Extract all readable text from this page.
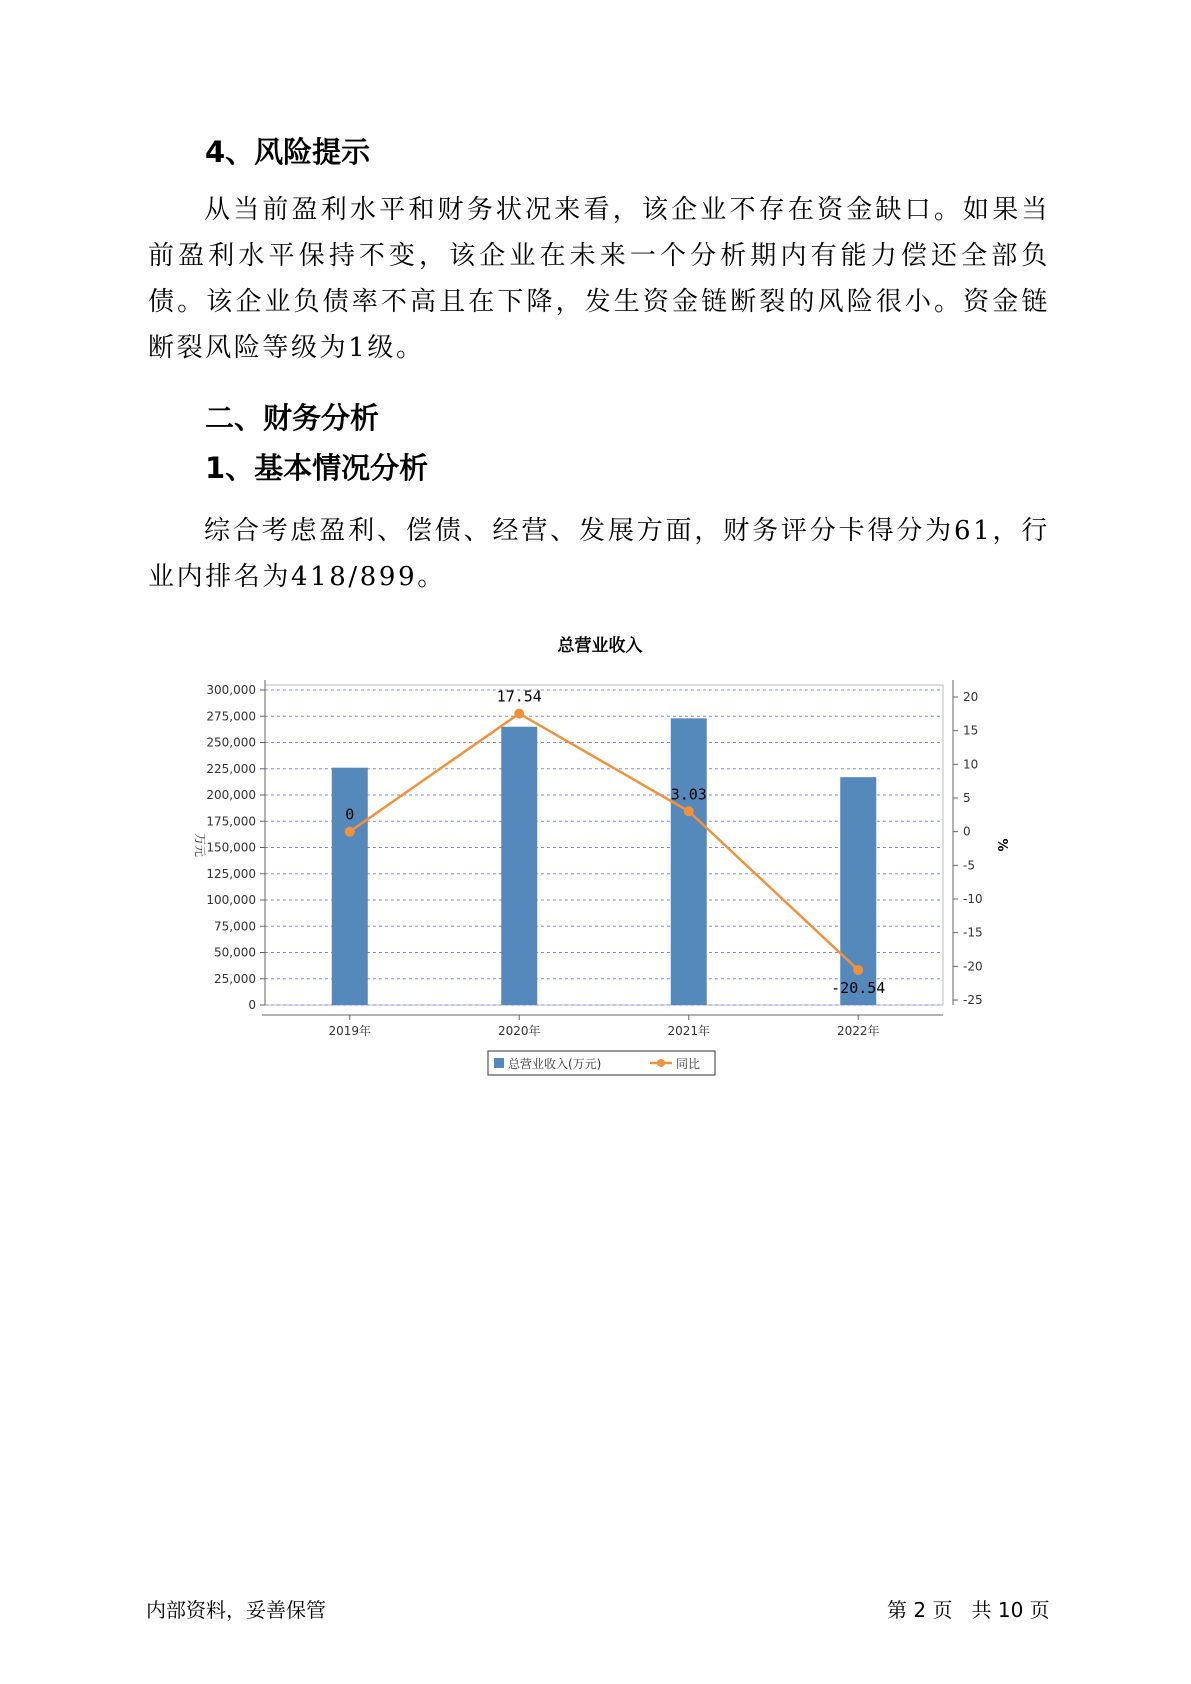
4、风险提示

从当前盈利水平和财务状况来看，该企业不存在资金缺口。如果当前盈利水平保持不变，该企业在未来一个分析期内有能力偿还全部负债。该企业负债率不高且在下降，发生资金链断裂的风险很小。资金链断裂风险等级为1级。

二、财务分析
1、基本情况分析

综合考虑盈利、偿债、经营、发展方面，财务评分卡得分为61，行业内排名为418/899。

总营业收入
0
17.54
3.03
-20.54
0
25,000
50,000
75,000
100,000
125,000
150,000
175,000
200,000
225,000
250,000
275,000
300,000
-25
-20
-15
-10
-5
0
5
10
15
20
2019年	2020年	2021年	2022年
万元	%
总营业收入(万元)	同比
内部资料，妥善保管	第 2 页   共 10 页
